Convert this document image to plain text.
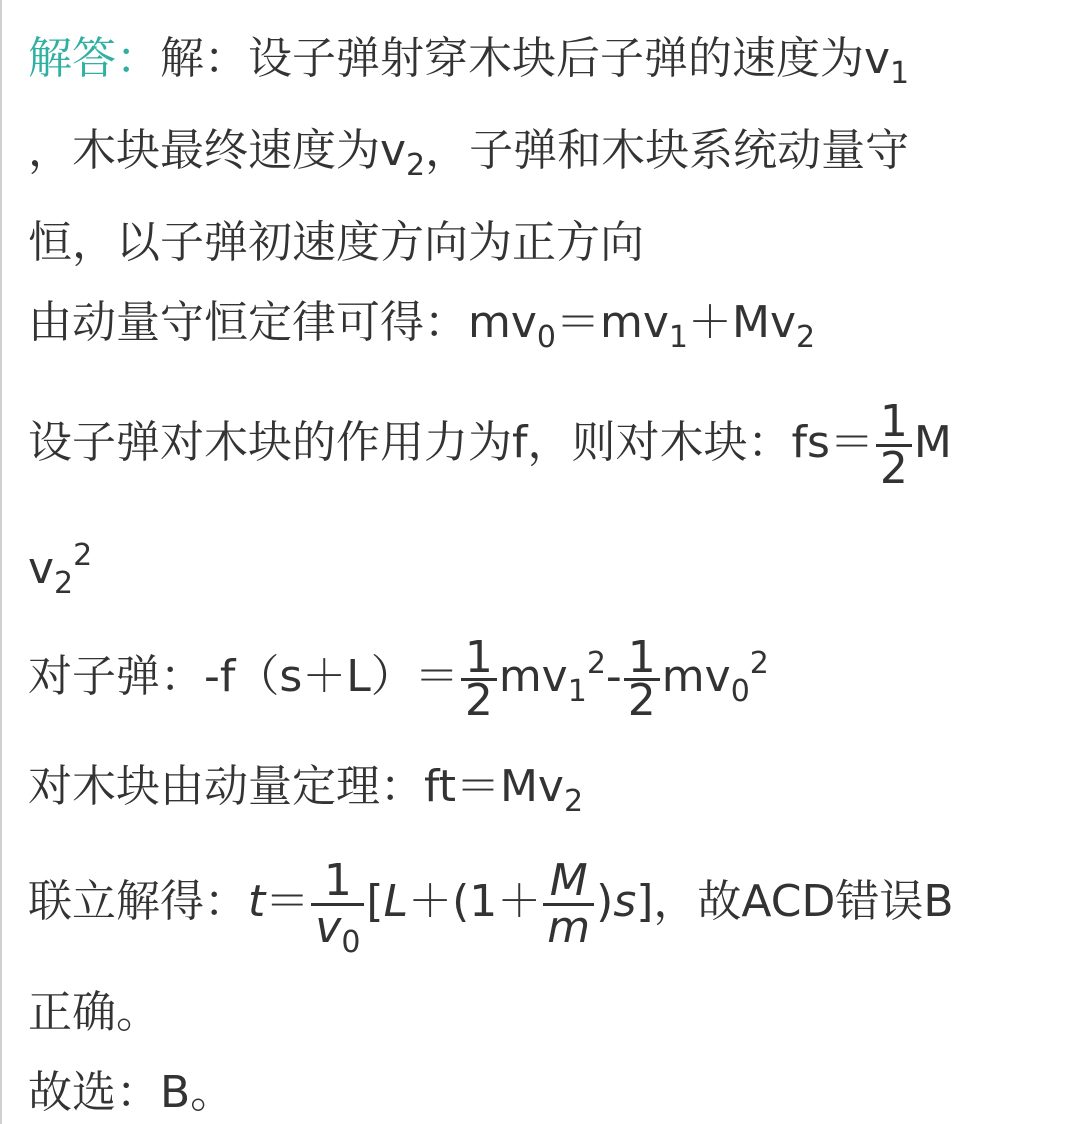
解答：解：设子弹射穿木块后子弹的速度为$v_1$
，木块最终速度为$v_2$，子弹和木块系统动量守
恒，以子弹初速度方向为正方向
由动量守恒定律可得：$mv_0=mv_1+Mv_2$
设子弹对木块的作用力为f，则对木块：$fs= \frac{1}{2}$ M
$v_2^2$
对子弹：$-f(s+L)= \frac{1}{2} mv_1^2- \frac{1}{2} mv_0^2$
对木块由动量定理：$ft=Mv_2$
联立解得：$t= \frac{1}{v_0} [L+(1+ \frac{M}{m} )s]$，故ACD错误B
正确。
故选：B。
